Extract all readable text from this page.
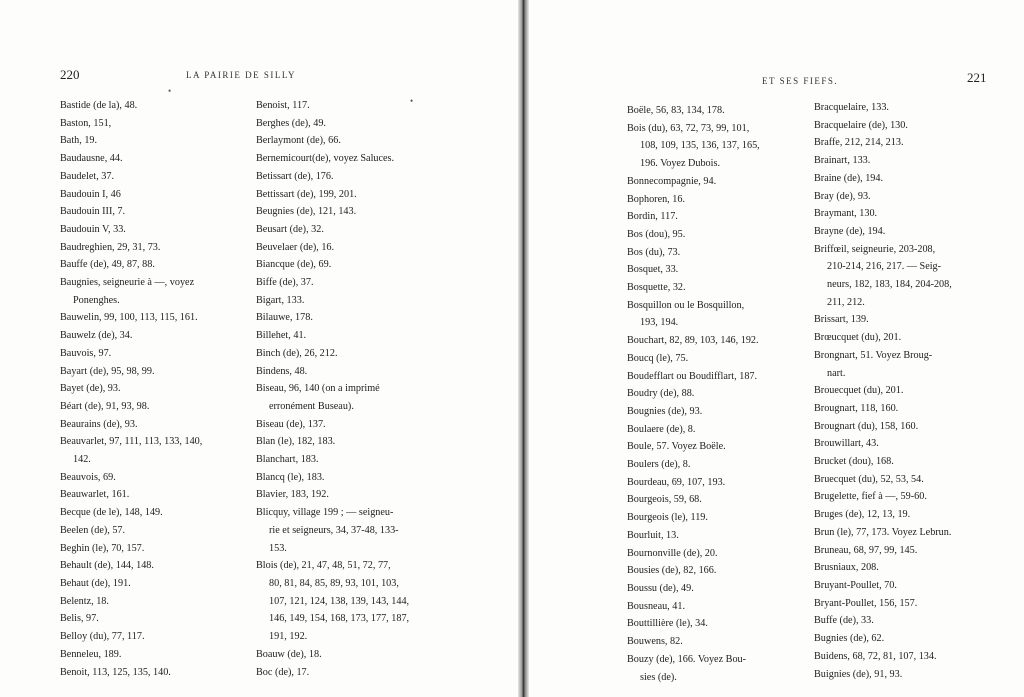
220	LA PAIRIE DE SILLY
•
•
Bastide (de la), 48.
Baston, 151,
Bath, 19.
Baudausne, 44.
Baudelet, 37.
Baudouin I, 46
Baudouin III, 7.
Baudouin V, 33.
Baudreghien, 29, 31, 73.
Bauffe (de), 49, 87, 88.
Baugnies, seigneurie à —, voyez
Ponenghes.
Bauwelin, 99, 100, 113, 115, 161.
Bauwelz (de), 34.
Bauvois, 97.
Bayart (de), 95, 98, 99.
Bayet (de), 93.
Béart (de), 91, 93, 98.
Beaurains (de), 93.
Beauvarlet, 97, 111, 113, 133, 140,
142.
Beauvois, 69.
Beauwarlet, 161.
Becque (de le), 148, 149.
Beelen (de), 57.
Beghin (le), 70, 157.
Behault (de), 144, 148.
Behaut (de), 191.
Belentz, 18.
Belis, 97.
Belloy (du), 77, 117.
Benneleu, 189.
Benoit, 113, 125, 135, 140.
Benoist, 117.
Berghes (de), 49.
Berlaymont (de), 66.
Bernemicourt(de), voyez Saluces.
Betissart (de), 176.
Bettissart (de), 199, 201.
Beugnies (de), 121, 143.
Beusart (de), 32.
Beuvelaer (de), 16.
Biancque (de), 69.
Biffe (de), 37.
Bigart, 133.
Bilauwe, 178.
Billehet, 41.
Binch (de), 26, 212.
Bindens, 48.
Biseau, 96, 140 (on a imprimé
erronément Buseau).
Biseau (de), 137.
Blan (le), 182, 183.
Blanchart, 183.
Blancq (le), 183.
Blavier, 183, 192.
Blicquy, village 199 ; — seigneu-
rie et seigneurs, 34, 37-48, 133-
153.
Blois (de), 21, 47, 48, 51, 72, 77,
80, 81, 84, 85, 89, 93, 101, 103,
107, 121, 124, 138, 139, 143, 144,
146, 149, 154, 168, 173, 177, 187,
191, 192.
Boauw (de), 18.
Boc (de), 17.
ET SES FIEFS.	221
Boële, 56, 83, 134, 178.
Bois (du), 63, 72, 73, 99, 101,
108, 109, 135, 136, 137, 165,
196. Voyez Dubois.
Bonnecompagnie, 94.
Bophoren, 16.
Bordin, 117.
Bos (dou), 95.
Bos (du), 73.
Bosquet, 33.
Bosquette, 32.
Bosquillon ou le Bosquillon,
193, 194.
Bouchart, 82, 89, 103, 146, 192.
Boucq (le), 75.
Boudefflart ou Boudifflart, 187.
Boudry (de), 88.
Bougnies (de), 93.
Boulaere (de), 8.
Boule, 57. Voyez Boële.
Boulers (de), 8.
Bourdeau, 69, 107, 193.
Bourgeois, 59, 68.
Bourgeois (le), 119.
Bourluit, 13.
Bournonville (de), 20.
Bousies (de), 82, 166.
Boussu (de), 49.
Bousneau, 41.
Bouttillière (le), 34.
Bouwens, 82.
Bouzy (de), 166. Voyez Bou-
sies (de).
Bracquelaire, 133.
Bracquelaire (de), 130.
Braffe, 212, 214, 213.
Brainart, 133.
Braine (de), 194.
Bray (de), 93.
Braymant, 130.
Brayne (de), 194.
Briffœil, seigneurie, 203-208,
210-214, 216, 217. — Seig-
neurs, 182, 183, 184, 204-208,
211, 212.
Brissart, 139.
Brœucquet (du), 201.
Brongnart, 51. Voyez Broug-
nart.
Brouecquet (du), 201.
Brougnart, 118, 160.
Brougnart (du), 158, 160.
Brouwillart, 43.
Brucket (dou), 168.
Bruecquet (du), 52, 53, 54.
Brugelette, fief à —, 59-60.
Bruges (de), 12, 13, 19.
Brun (le), 77, 173. Voyez Lebrun.
Bruneau, 68, 97, 99, 145.
Brusniaux, 208.
Bruyant-Poullet, 70.
Bryant-Poullet, 156, 157.
Buffe (de), 33.
Bugnies (de), 62.
Buidens, 68, 72, 81, 107, 134.
Buignies (de), 91, 93.
